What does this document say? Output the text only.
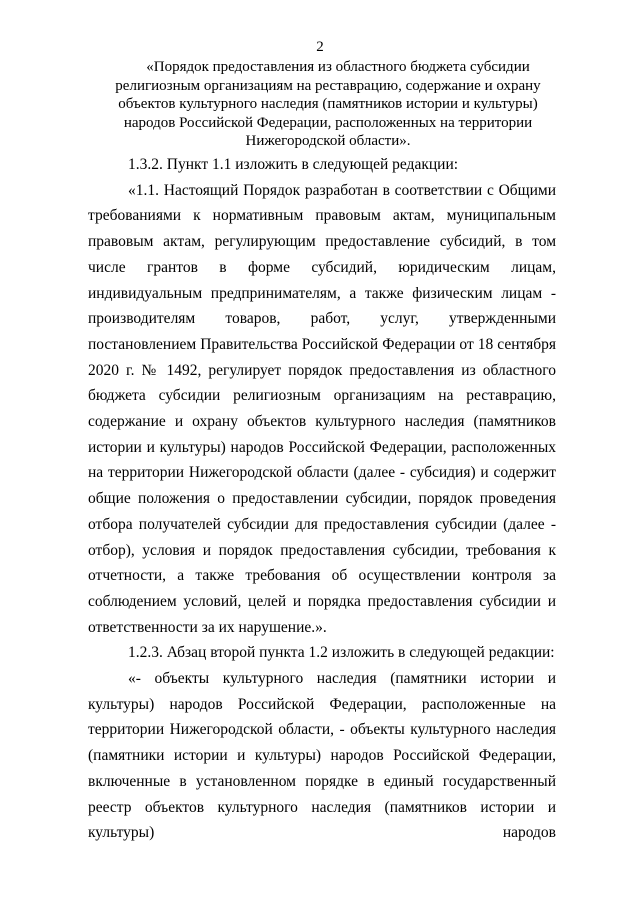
2
«Порядок предоставления из областного бюджета субсидии
религиозным организациям на реставрацию, содержание и охрану объектов культурного наследия (памятников истории и культуры) народов Российской Федерации, расположенных на территории Нижегородской области».

1.3.2. Пункт 1.1 изложить в следующей редакции:

«1.1. Настоящий Порядок разработан в соответствии с Общими требованиями к нормативным правовым актам, муниципальным правовым актам, регулирующим предоставление субсидий, в том числе грантов в форме субсидий, юридическим лицам, индивидуальным предпринимателям, а также физическим лицам - производителям товаров, работ, услуг, утвержденными постановлением Правительства Российской Федерации от 18 сентября 2020 г. № 1492, регулирует порядок предоставления из областного бюджета субсидии религиозным организациям на реставрацию, содержание и охрану объектов культурного наследия (памятников истории и культуры) народов Российской Федерации, расположенных на территории Нижегородской области (далее - субсидия) и содержит общие положения о предоставлении субсидии, порядок проведения отбора получателей субсидии для предоставления субсидии (далее - отбор), условия и порядок предоставления субсидии, требования к отчетности, а также требования об осуществлении контроля за соблюдением условий, целей и порядка предоставления субсидии и ответственности за их нарушение.».

1.2.3. Абзац второй пункта 1.2 изложить в следующей редакции:

«- объекты культурного наследия (памятники истории и культуры) народов Российской Федерации, расположенные на территории Нижегородской области, - объекты культурного наследия (памятники истории и культуры) народов Российской Федерации, включенные в установленном порядке в единый государственный реестр объектов культурного наследия (памятников истории и культуры) народов
